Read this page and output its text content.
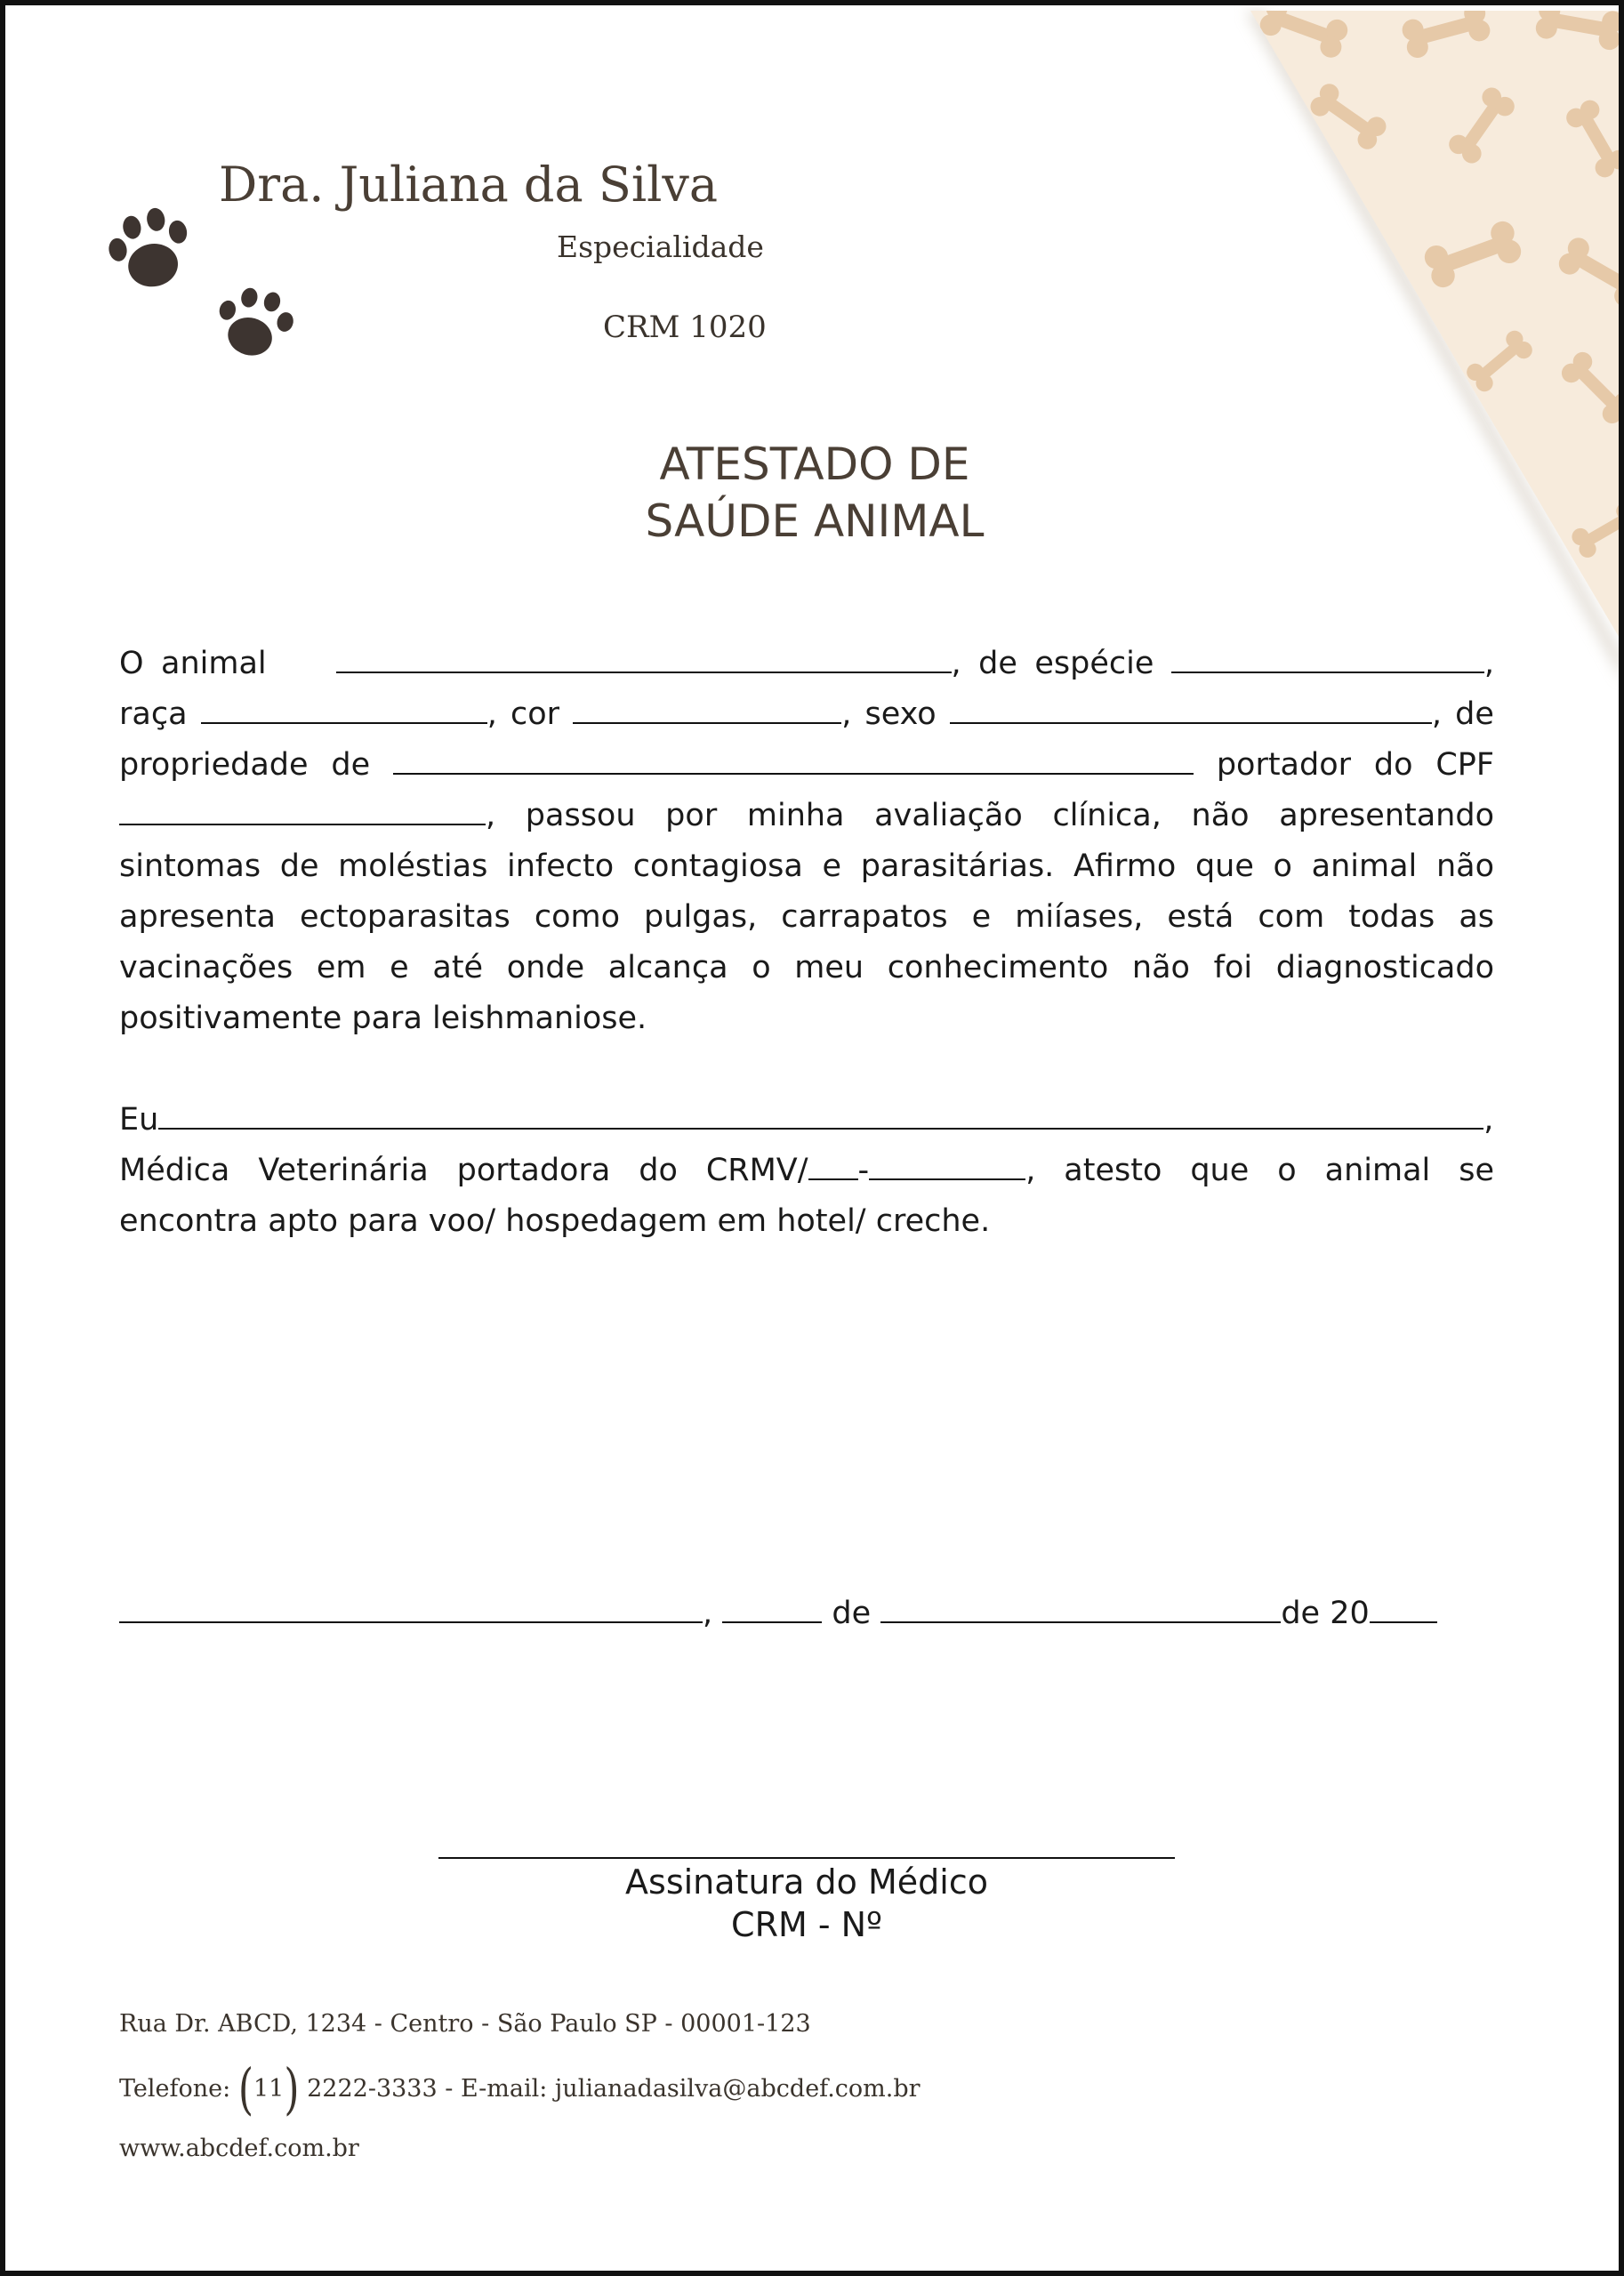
Dra. Juliana da Silva
Especialidade
CRM 1020
ATESTADO DE
SAÚDE ANIMAL
O animal	, de espécie	,
raça	, cor	, sexo	, de
propriedade de	portador do CPF
, passou por minha avaliação clínica, não apresentando
sintomas de moléstias infecto contagiosa e parasitárias. Afirmo que o animal não
apresenta ectoparasitas como pulgas, carrapatos e miíases, está com todas as
vacinações em e até onde alcança o meu conhecimento não foi diagnosticado
positivamente para leishmaniose.
Eu	,
Médica Veterinária portadora do CRMV/ -	, atesto que o animal se
encontra apto para voo/ hospedagem em hotel/ creche.
,	de	de 20
Assinatura do Médico
CRM - Nº
Rua Dr. ABCD, 1234 - Centro - São Paulo SP - 00001-123
Telefone: (11) 2222-3333 - E-mail: julianadasilva@abcdef.com.br
www.abcdef.com.br
